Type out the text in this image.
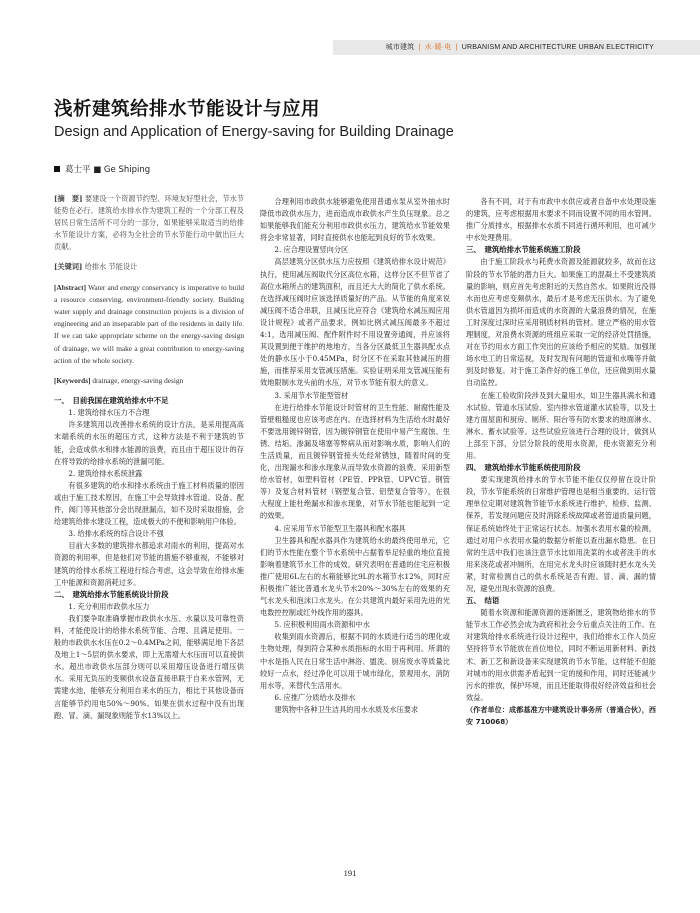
城市建筑 | 水·暖·电 | URBANISM AND ARCHITECTURE URBAN ELECTRICITY
浅析建筑给排水节能设计与应用
Design and Application of Energy-saving for Building Drainage
葛士平 ■ Ge Shiping

[摘　要] 要建设一个资源节约型、环境友好型社会，节水节能势在必行。建筑给水排水作为建筑工程的一个分部工程及居民日常生活所不可分的一部分，如果能够采取适当的给排水节能设计方案，必将为全社会的节水节能行动中做出巨大贡献。

[关键词] 给排水 节能设计

[Abstract] Water and energy conservancy is imperative to build a resource conserving, environment-friendly society. Building water supply and drainage construction projects is a division of engineering and an inseparable part of the residents in daily life. If we can take appropriate scheme on the energy-saving design of drainage, we will make a great contribution to energy-saving action of the whole society.

[Keywords] drainage, energy-saving design

一、　目前我国在建筑给排水中不足

1. 建筑给排水压力不合理

许多建筑用以改善排水系统的设计方法，是采用提高高末端系统的水压的超压方式，这种方法是不利于建筑的节能，会造成供水和排水能源的浪费，而且由于超压设计的存在将导致的给排水系统的泄漏可能。

2. 建筑给排水系统泄露

有很多建筑的给水和排水系统由于施工材料质量的原因或由于施工技术原因，在施工中会导致排水管道、设备、配件，阀门等其他部分会出现泄漏点，如不及时采取措施，会给建筑给排水建设工程，造成极大的不便和影响用户体验。

3. 给排水系统的综合设计不强

目前大多数的建筑排水都追求对雨水的利用，提高对水资源的利用率，但是他们对节能的措施不够重视，不能够对建筑的给排水系统工程进行综合考虑，这会导致在给排水施工中能源和资源消耗过多。

二、　建筑给排水节能系统设计阶段

1. 充分利用市政供水压力

我们要争取准确掌握市政供水水压、水量以及可靠性资料，才能使设计的给排水系统节能、合理、且满足使用。一般的市政供水水压在0.2～0.4MPa之间，能够满足地下各层及地上1～5层的供水要求，即上无需增大水压而可以直接供水。超出市政供水压部分则可以采用增压设备进行增压供水。采用无负压的变频供水设备直接串联于自来水管网，无需建水池，能够充分利用自来水的压力，相比于其他设备而言能够节约用电50%～90%。如果在供水过程中没有出现跑、冒、滴、漏现象则能节水13%以上。

合理利用市政供水能够避免使用普通水泵从室外抽水时降低市政供水压力，进而造成市政供水产生负压现象。总之如果能够我们能充分利用市政供水压力，建筑给水节能效果将会非常显著，同时直接供水也能起到良好的节水效果。

2. 应合理设置竖向分区

高层建筑分区供水压力应按照《建筑给排水设计规范》执行，使用减压阀取代分区高位水箱，这样分区不但节省了高位水箱所占的建筑面积，而且还大大的简化了供水系统。在选择减压阀时应该选择质量好的产品。从节能的角度来说减压阀不适合串联，且减压比应符合《建筑给水减压阀应用设计规程》或者产品要求，例如比例式减压阀最多不超过4:1，选用减压阀、配件附件时不用设置旁通阀，并应该将其设置到便于维护的地地方，当各分区最低卫生器具配水点处的静水压小于0.45MPa，时分区不在采取其他减压的措施，而推荐采用支管减压措施。实验证明采用支管减压能有效地限制水龙头前的水压，对节水节能有很大的意义。

3. 采用节水节能型管材

在进行给排水节能设计时管材的卫生性能、耐腐性能及管壁粗糙度也应该考虑在内。在选择材料为生活给水时最好不要选用镀锌钢管，因为镀锌钢管在使用中易产生腐蚀、生锈、结垢、渗漏及堵塞等弊病从而对影响水质，影响人们的生活质量，而且镀锌钢管接头处经常锈蚀，随着时间的变化，出现漏水和渗水现象从而导致水资源的浪费。采用新型给水管材，如塑料管材（PE管、PPR管、UPVC管、钢管等）及复合材料管材（钢塑复合管、铝塑复合管等），在很大程度上能杜绝漏水和渗水现象，对节水节能也能起到一定的效果。

4. 应采用节水节能型卫生器具和配水器具

卫生器具和配水器具作为建筑给水的最终使用单元，它们的节水性能在整个节水系统中占据着举足轻重的地位直接影响着建筑节水工作的成效。研究表明在普通的住宅应积极推广使用6L左右的水箱能够比9L的水箱节水12%，同时应积极推广能比普通水龙头节水20%～30%左右的效果的充气水龙头和泡沫口水龙头。在公共建筑内最好采用先进的光电数控控制或红外线作用的器具。

5. 应积极利用雨水资源和中水

收集到雨水资源后，根据不同的水质进行适当的理化或生物处理，得到符合某种水质指标的水用于再利用。所谓的中水是指人民在日常生活中淋浴、盥洗、厨房废水等质量比较好一点水，经过净化可以用于城市绿化，景观用水，消防用水等，来替代生活用水。

6. 应推广分质给水及排水

建筑物中各种卫生洁具的用水水质及水压要求

各有不同，对于有市政中水供应或者自备中水处理设施的建筑，应考虑根据用水要求不同而设置不同的用水管网。推广分质排水，根据排水水质不同进行循环利用，也可减少中水处理费用。

三、　建筑给排水节能系统施工阶段

由于施工阶段水与耗费水资源及能源就较多，故而在这阶段的节水节能的潜力巨大。如果施工的混凝土不受建筑质量的影响，则应首先考虑附近的天然自然水。如果附近没得水而也应考虑变频供水，最后才是考虑无压供水。为了避免供水管道因为损坏而造成的水资源的大量浪费的情况，在施工时深度过深时应采用钢质材料的管材。建立严格的用水管理制度，对浪费水资源的班组应采取一定的经济处罚措施，对在节约用水方面工作突出的应该给予相应的奖励。加强现场水电工的日常巡视，及时发现有问题的管道和水嘴等并做到及时修复。对于施工条件好的施工单位，还应做到用水量自动监控。

在施工验收阶段涉及到大量用水，如卫生器具满水和通水试验、管道水压试验、室内排水管道灌水试验等，以及土建方面屋面和厨房、厕所、阳台等有防水要求的地面淋水、淋水、蓄水试验等。这些试验应该进行合理的设计，做到从上部至下部，分层分阶段的使用水资源，使水资源充分利用。

四、　建筑给排水节能系统使用阶段

要实现建筑给排水的节水节能不能仅仅停留在设计阶段，节水节能系统的日常维护管理也是相当重要的。运行管理单位定期对建筑物节能节水系统进行维护、检修、监测、保养，若发现问题应及时消除系统故障或者管道质量问题，保证系统始终处于正常运行状态。加强水表用水量的检测，通过对用户水表用水量的数据分析能以查出漏水隐患。在日常的生活中我们也该注意节水比如用洗菜的水或者洗手的水用来浇花或者冲厕所，在用完水龙头时应该随时把水龙头关紧，时常检测自己的供水系统是否有跑、冒、滴、漏的情况，避免出现水资源的浪费。

五、　结语

随着水资源和能源资源的逐渐匮乏，建筑物给排水的节能节水工作必然会成为政府和社会今后重点关注的工作。在对建筑给排水系统进行设计过程中，我们给排水工作人员应坚持将节水节能放在首位地位，同时不断运用新材料、新技术、新工艺和新设备来实现建筑的节水节能，这样能不但能对城市的用水供需矛盾起到一定的缓和作用，同时还能减少污水的排放，保护环境，而且还能取得很好经济效益和社会效益。

（作者单位：成都基准方中建筑设计事务所（普通合伙），西安 710068）

191
